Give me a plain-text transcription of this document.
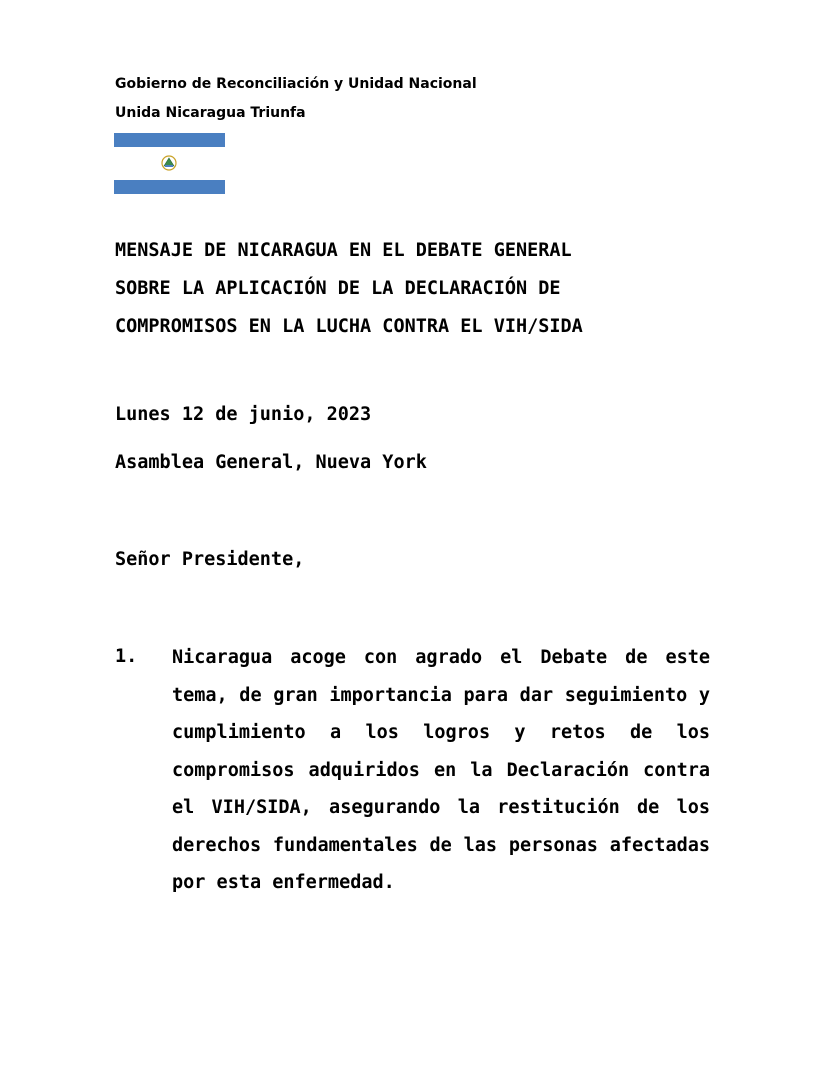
Gobierno de Reconciliación y Unidad Nacional
Unida Nicaragua Triunfa
MENSAJE DE NICARAGUA EN EL DEBATE GENERAL
SOBRE LA APLICACIÓN DE LA DECLARACIÓN DE
COMPROMISOS EN LA LUCHA CONTRA EL VIH/SIDA
Lunes 12 de junio, 2023
Asamblea General, Nueva York
Señor Presidente,
1. Nicaragua acoge con agrado el Debate de este tema, de gran importancia para dar seguimiento y cumplimiento a los logros y retos de los compromisos adquiridos en la Declaración contra el VIH/SIDA, asegurando la restitución de los derechos fundamentales de las personas afectadas por esta enfermedad.
